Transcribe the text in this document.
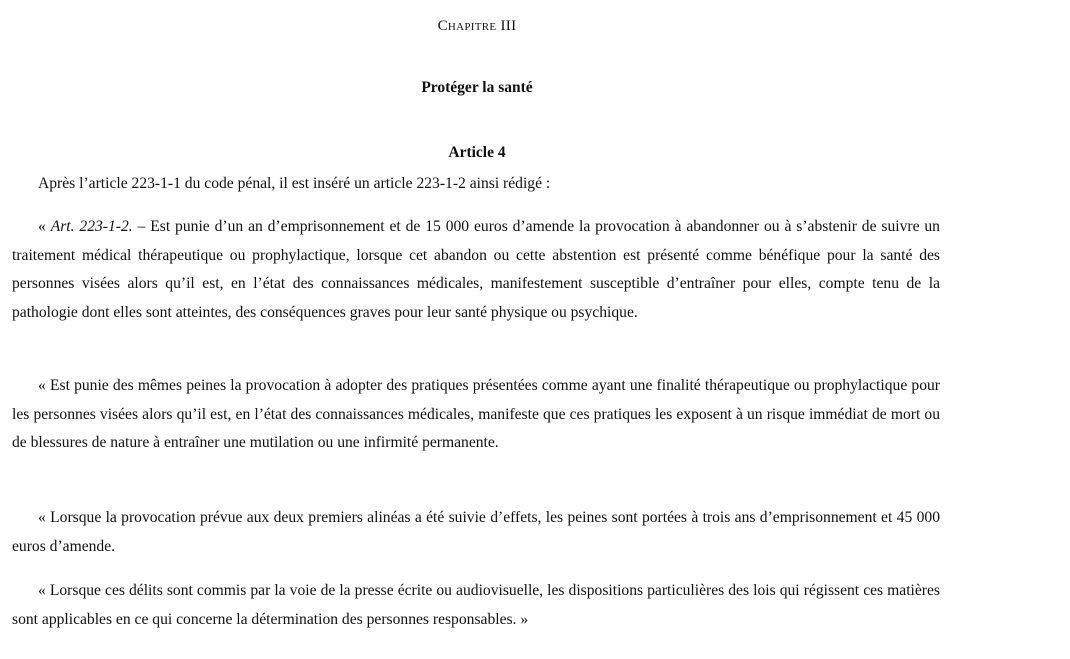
Chapitre III
Protéger la santé
Article 4

Après l’article 223-1-1 du code pénal, il est inséré un article 223-1-2 ainsi rédigé :

« Art. 223-1-2. – Est punie d’un an d’emprisonnement et de 15 000 euros d’amende la provocation à abandonner ou à s’abstenir de suivre un traitement médical thérapeutique ou prophylactique, lorsque cet abandon ou cette abstention est présenté comme bénéfique pour la santé des personnes visées alors qu’il est, en l’état des connaissances médicales, manifestement susceptible d’entraîner pour elles, compte tenu de la pathologie dont elles sont atteintes, des conséquences graves pour leur santé physique ou psychique.

« Est punie des mêmes peines la provocation à adopter des pratiques présentées comme ayant une finalité thérapeutique ou prophylactique pour les personnes visées alors qu’il est, en l’état des connaissances médicales, manifeste que ces pratiques les exposent à un risque immédiat de mort ou de blessures de nature à entraîner une mutilation ou une infirmité permanente.

« Lorsque la provocation prévue aux deux premiers alinéas a été suivie d’effets, les peines sont portées à trois ans d’emprisonnement et 45 000 euros d’amende.

« Lorsque ces délits sont commis par la voie de la presse écrite ou audiovisuelle, les dispositions particulières des lois qui régissent ces matières sont applicables en ce qui concerne la détermination des personnes responsables. »
